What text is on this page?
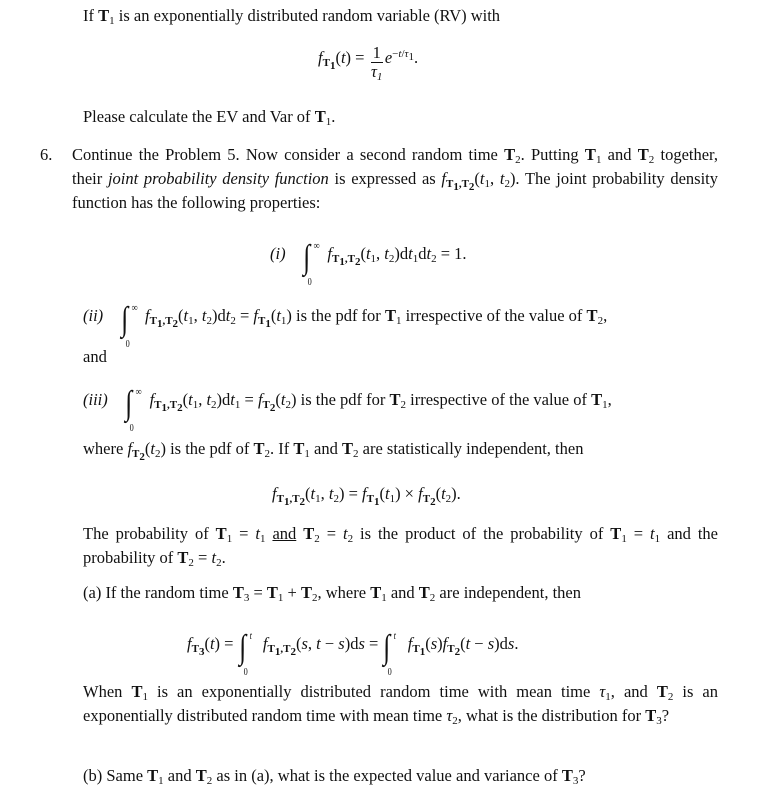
If $T_1$ is an exponentially distributed random variable (RV) with
$f_{T_1}(t) = \frac{1}{\tau_1} e^{-t/\tau_1}$.
Please calculate the EV and Var of $T_1$.
6. Continue the Problem 5. Now consider a second random time $T_2$. Putting $T_1$ and $T_2$ together, their joint probability density function is expressed as $f_{T_1,T_2}(t_1$, $t_2$). The joint probability density function has the following properties:
(i) ∫ ∞
0
$f_{T_1,T_2}(t_1$, $t_2)dt_1dt_2 = 1$.
(ii) ∫ ∞
0
$f_{T_1,T_2}(t_1$, $t_2)dt_2 = f_{T_1}(t_1)$ is the pdf for $T_1$ irrespective of the value of $T_2$,
and
(iii) ∫ ∞
0
$f_{T_1,T_2}(t_1$, $t_2)dt_1 = f_{T_2}(t_2)$ is the pdf for $T_2$ irrespective of the value of $T_1$,
where $f_{T_2}(t_2)$ is the pdf of $T_2$. If $T_1$ and $T_2$ are statistically independent, then
$f_{T_1,T_2}(t_1$, $t_2) = f_{T_1}(t_1) \times f_{T_2}(t_2)$.
The probability of $T_1 = t_1$ and $T_2 = t_2$ is the product of the probability of $T_1 = t_1$ and the probability of $T_2 = t_2$.
(a) If the random time $T_3 = T_1 + T_2$, where $T_1$ and $T_2$ are independent, then
$f_{T_3}(t)$ = ∫ t
0
$f_{T_1,T_2}(s$, t − s)ds = ∫ t
0
$f_{T_1}(s)f_{T_2}(t - s)ds$.
When $T_1$ is an exponentially distributed random time with mean time $\tau_1$, and $T_2$ is an exponentially distributed random time with mean time $\tau_2$, what is the distribution for $T_3$?
(b) Same $T_1$ and $T_2$ as in (a), what is the expected value and variance of $T_3$?
